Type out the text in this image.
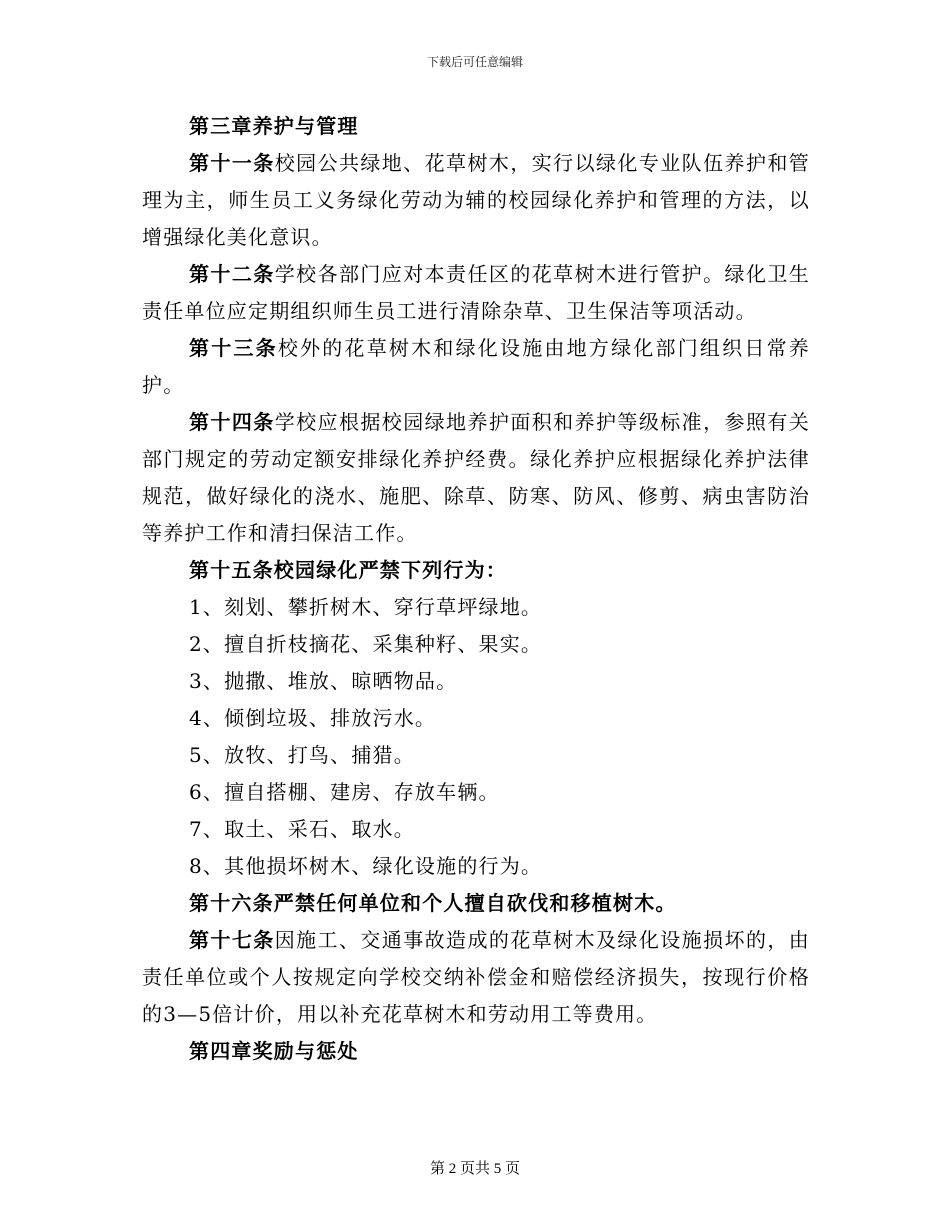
下载后可任意编辑

第三章养护与管理

第十一条校园公共绿地、花草树木，实行以绿化专业队伍养护和管理为主，师生员工义务绿化劳动为辅的校园绿化养护和管理的方法，以增强绿化美化意识。

第十二条学校各部门应对本责任区的花草树木进行管护。绿化卫生责任单位应定期组织师生员工进行清除杂草、卫生保洁等项活动。

第十三条校外的花草树木和绿化设施由地方绿化部门组织日常养护。

第十四条学校应根据校园绿地养护面积和养护等级标准，参照有关部门规定的劳动定额安排绿化养护经费。绿化养护应根据绿化养护法律规范，做好绿化的浇水、施肥、除草、防寒、防风、修剪、病虫害防治等养护工作和清扫保洁工作。

第十五条校园绿化严禁下列行为：

1、刻划、攀折树木、穿行草坪绿地。

2、擅自折枝摘花、采集种籽、果实。

3、抛撒、堆放、晾晒物品。

4、倾倒垃圾、排放污水。

5、放牧、打鸟、捕猎。

6、擅自搭棚、建房、存放车辆。

7、取土、采石、取水。

8、其他损坏树木、绿化设施的行为。

第十六条严禁任何单位和个人擅自砍伐和移植树木。

第十七条因施工、交通事故造成的花草树木及绿化设施损坏的，由责任单位或个人按规定向学校交纳补偿金和赔偿经济损失，按现行价格的3—5倍计价，用以补充花草树木和劳动用工等费用。

第四章奖励与惩处

第 2 页共 5 页
